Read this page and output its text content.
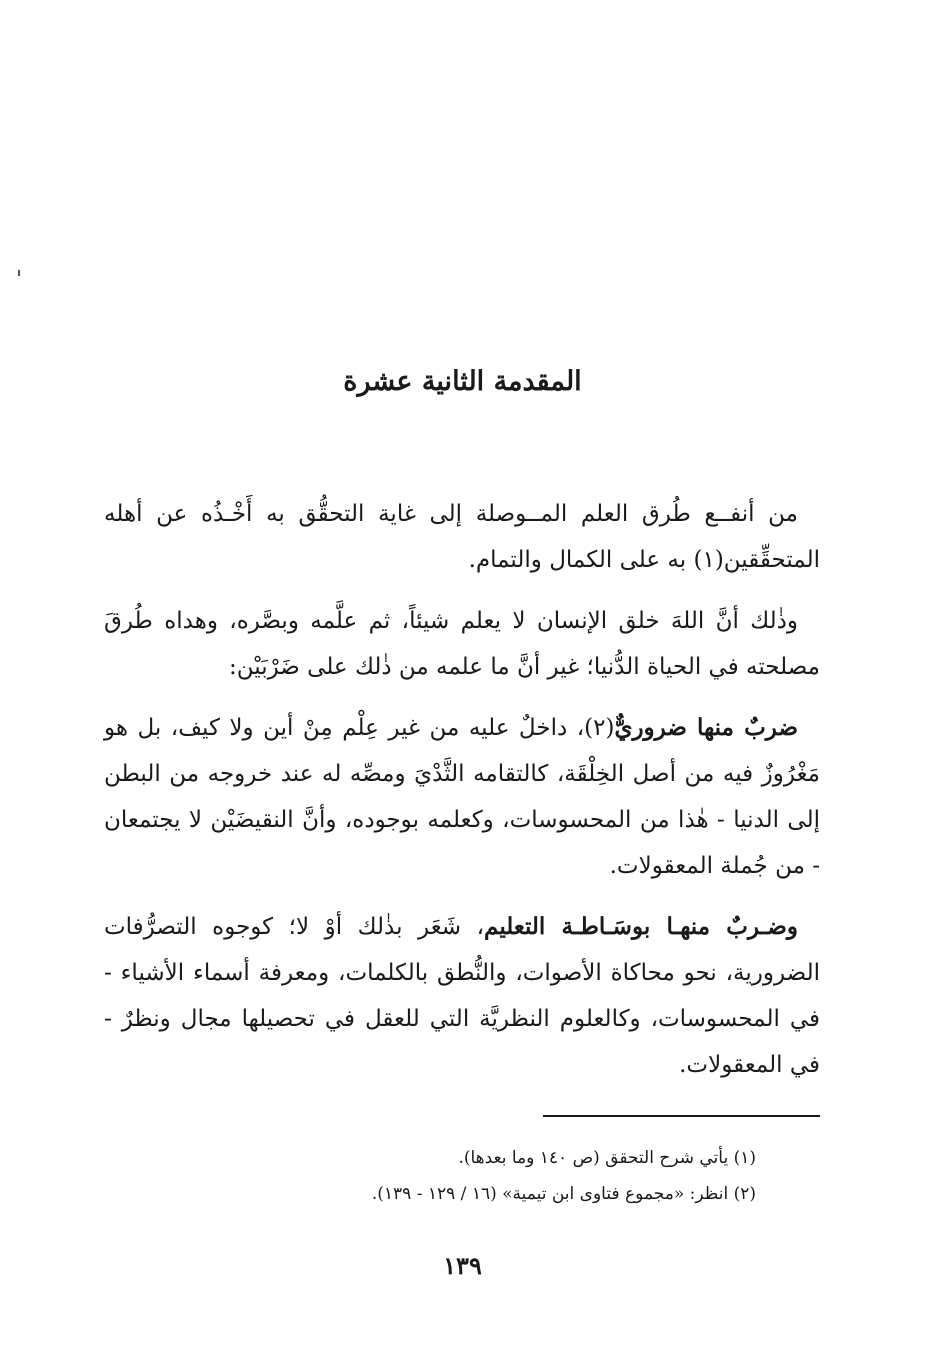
المقدمة الثانية عشرة
من أنفــع طُرق العلم المــوصلة إلى غاية التحقُّق به أَخْـذُه عن أهله المتحقِّقين(١) به على الكمال والتمام.
وذٰلك أنَّ اللهَ خلق الإنسان لا يعلم شيئاً، ثم علَّمه وبصَّره، وهداه طُرقَ مصلحته في الحياة الدُّنيا؛ غير أنَّ ما علمه من ذٰلك على ضَرْبَيْن:
ضربٌ منها ضروريٌّ(٢)، داخلٌ عليه من غير عِلْم مِنْ أين ولا كيف، بل هو مَغْرُوزٌ فيه من أصل الخِلْقَة، كالتقامه الثَّدْيَ ومصِّه له عند خروجه من البطن إلى الدنيا - هٰذا من المحسوسات، وكعلمه بوجوده، وأنَّ النقيضَيْن لا يجتمعان - من جُملة المعقولات.
وضـربٌ منهـا بوسَـاطـة التعليم، شَعَر بذٰلك أوْ لا؛ كوجوه التصرُّفات الضرورية، نحو محاكاة الأصوات، والنُّطق بالكلمات، ومعرفة أسماء الأشياء - في المحسوسات، وكالعلوم النظريَّة التي للعقل في تحصيلها مجال ونظرٌ - في المعقولات.
(١) يأتي شرح التحقق (ص ١٤٠ وما بعدها).
(٢) انظر: «مجموع فتاوى ابن تيمية» (١٦ / ١٢٩ - ١٣٩).
١٣٩
